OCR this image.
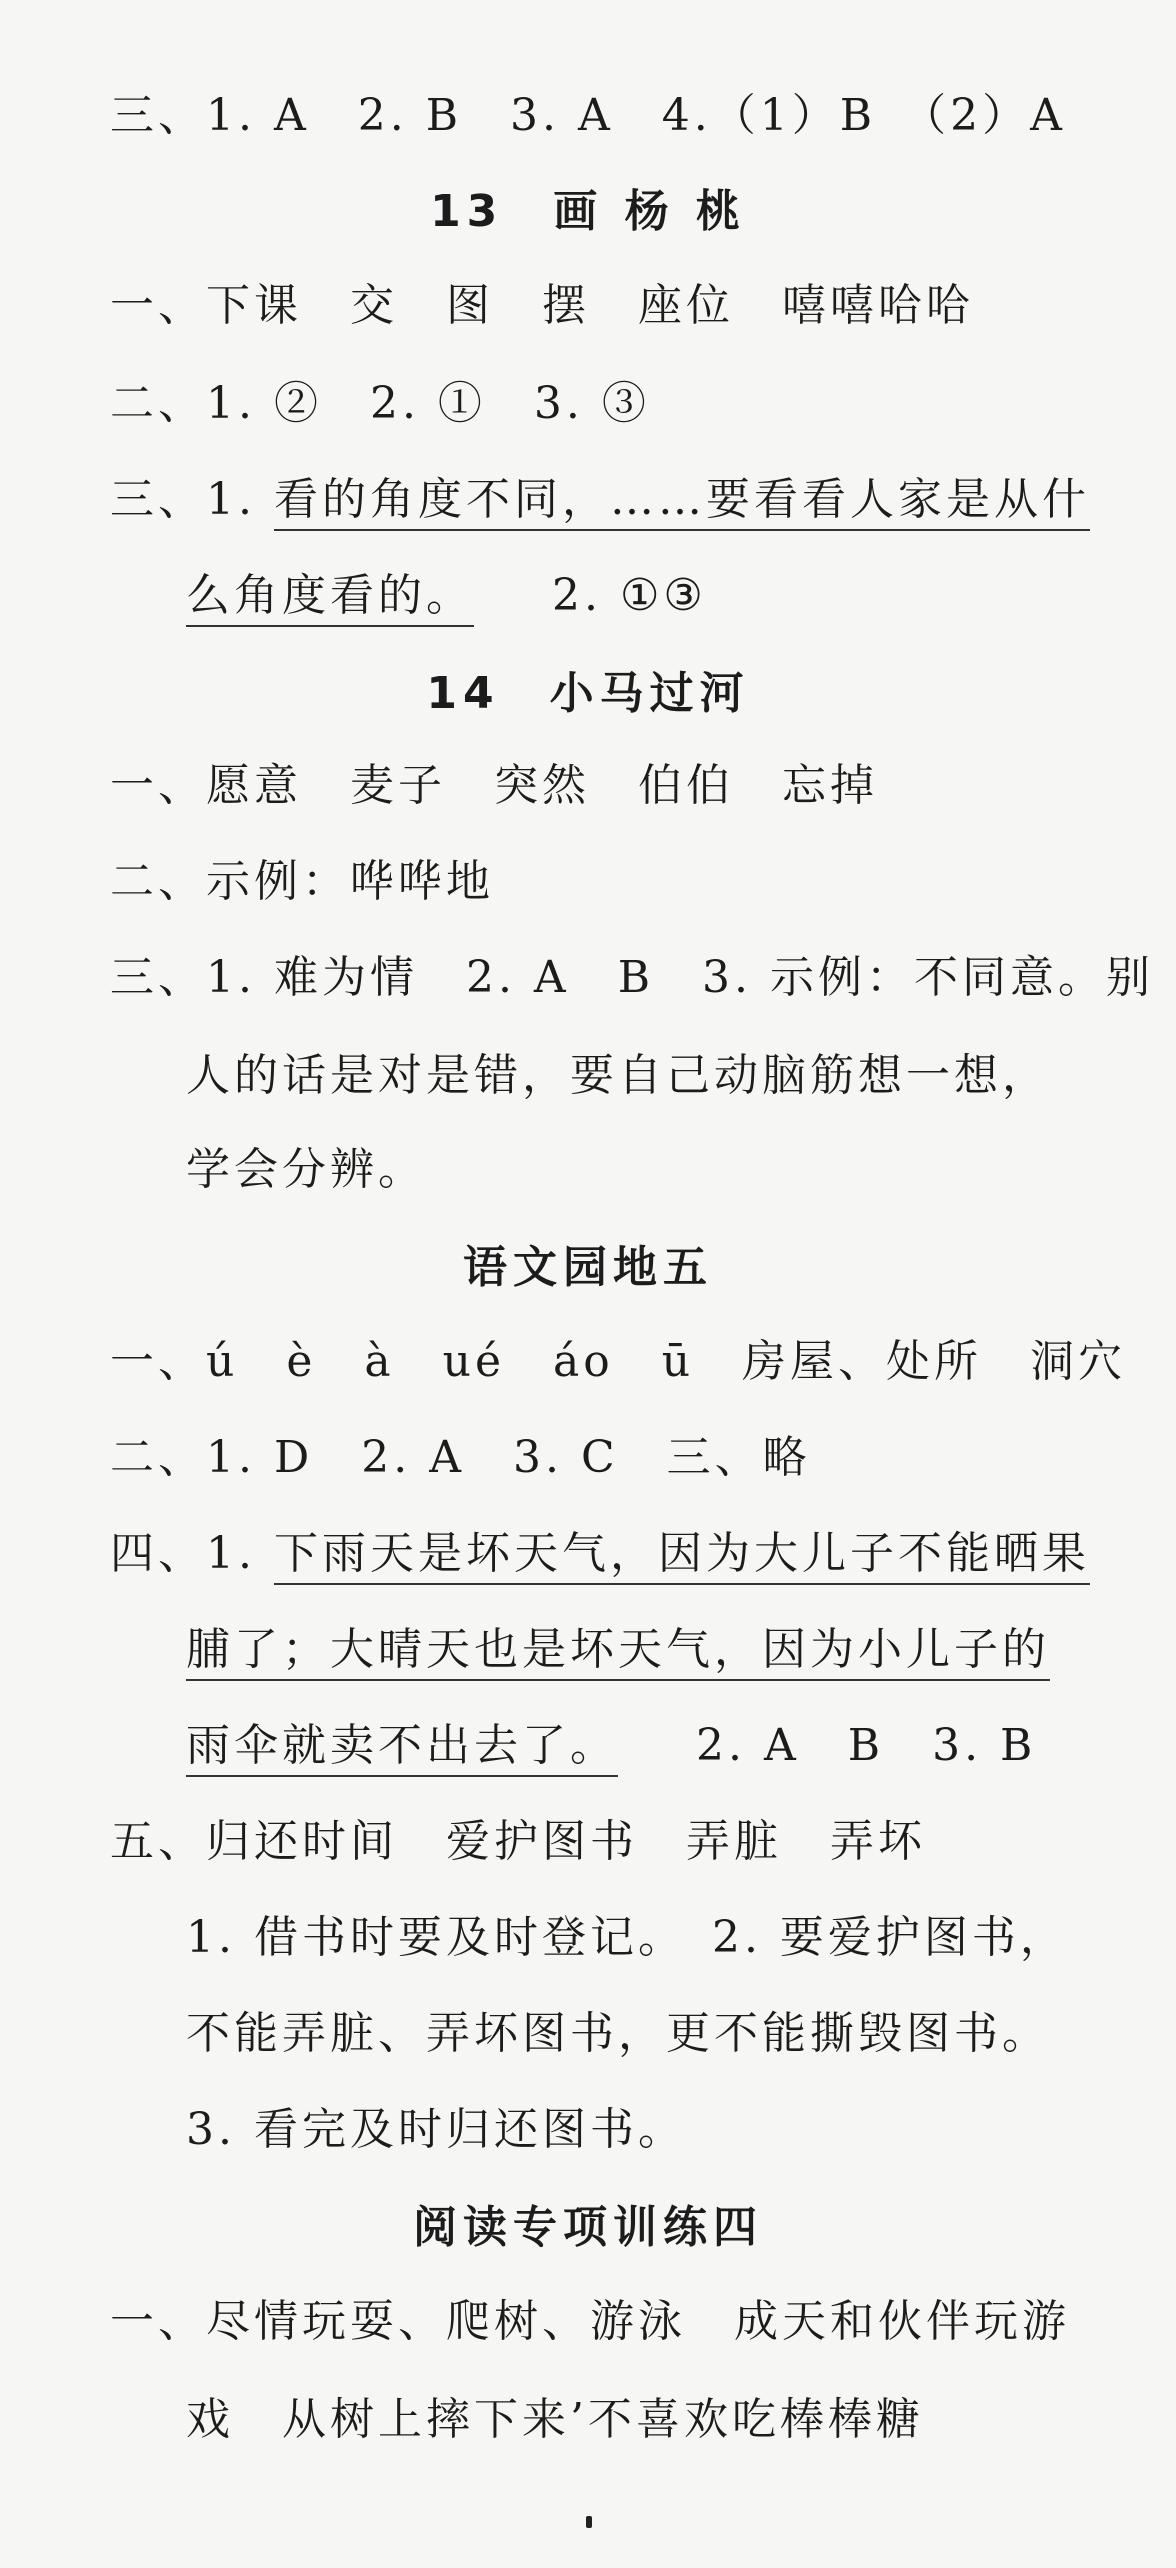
三、1. A　2. B　3. A　4.（1）B　（2）A
13　画 杨 桃
一、下课　交　图　摆　座位　嘻嘻哈哈
二、1. ②　2. ①　3. ③
三、1. 看的角度不同，……要看看人家是从什
么角度看的。 2. ①③
14　小马过河
一、愿意　麦子　突然　伯伯　忘掉
二、示例：哗哗地
三、1. 难为情　2. A　B　3. 示例：不同意。别
人的话是对是错，要自己动脑筋想一想，
学会分辨。
语文园地五
一、ú　è　à　ué　áo　ū　房屋、处所　洞穴
二、1. D　2. A　3. C　三、略
四、1. 下雨天是坏天气，因为大儿子不能晒果
脯了；大晴天也是坏天气，因为小儿子的
雨伞就卖不出去了。 2. A　B　3. B
五、归还时间　爱护图书　弄脏　弄坏
1. 借书时要及时登记。　2. 要爱护图书，
不能弄脏、弄坏图书，更不能撕毁图书。
3. 看完及时归还图书。
阅读专项训练四
一、尽情玩耍、爬树、游泳　成天和伙伴玩游
戏　从树上摔下来’不喜欢吃棒棒糖
